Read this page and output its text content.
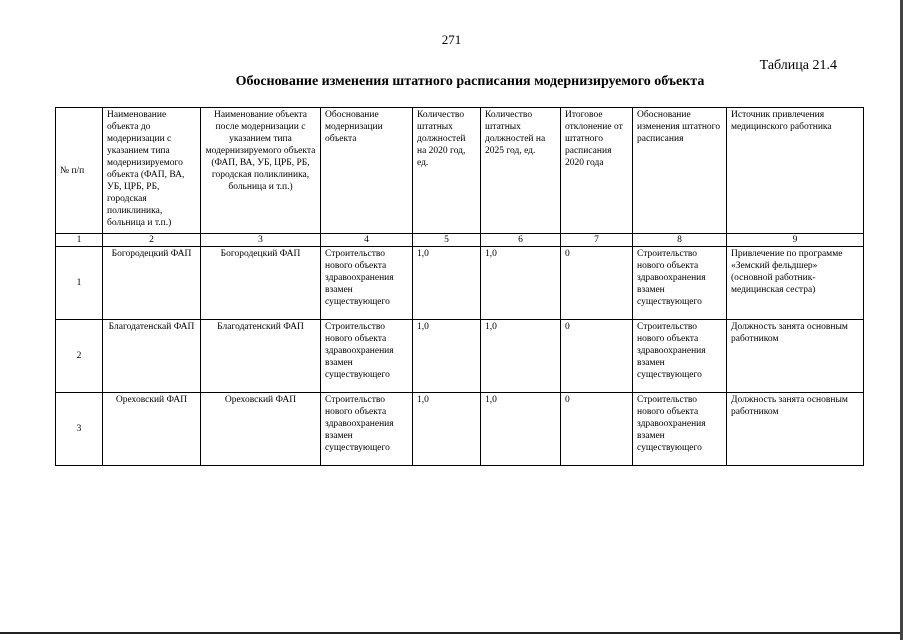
271
Таблица 21.4
Обоснование изменения штатного расписания модернизируемого объекта
№ п/п	Наименование объекта до модернизации с указанием типа модернизируемого объекта (ФАП, ВА, УБ, ЦРБ, РБ, городская поликлиника, больница и т.п.)	Наименование объекта после модернизации с указанием типа модернизируемого объекта (ФАП, ВА, УБ, ЦРБ, РБ, городская поликлиника, больница и т.п.)	Обоснование модернизации объекта	Количество штатных должностей на 2020 год, ед.	Количество штатных должностей на 2025 год, ед.	Итоговое отклонение от штатного расписания 2020 года	Обоснование изменения штатного расписания	Источник привлечения медицинского работника
1	2	3	4	5	6	7	8	9
1	Богородецкий ФАП	Богородецкий ФАП	Строительство нового объекта здравоохранения взамен существующего	1,0	1,0	0	Строительство нового объекта здравоохранения взамен существующего	Привлечение по программе «Земский фельдшер» (основной работник- медицинская сестра)
2	Благодатенскай ФАП	Благодатенский ФАП	Строительство нового объекта здравоохранения взамен существующего	1,0	1,0	0	Строительство нового объекта здравоохранения взамен существующего	Должность занята основным работником
3	Ореховский ФАП	Ореховский ФАП	Строительство нового объекта здравоохранения взамен существующего	1,0	1,0	0	Строительство нового объекта здравоохранения взамен существующего	Должность занята основным работником
